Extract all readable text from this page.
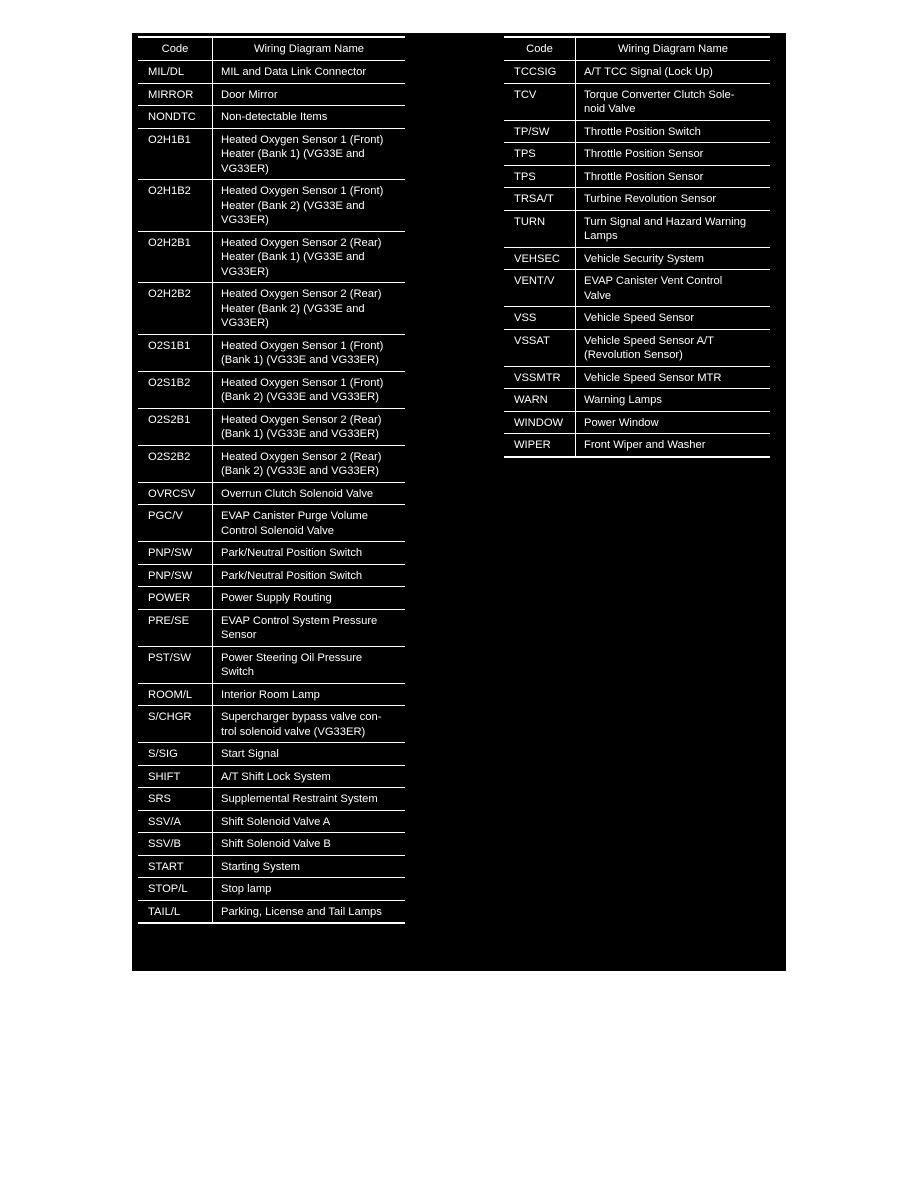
Code	Wiring Diagram Name
MIL/DL	MIL and Data Link Connector
MIRROR	Door Mirror
NONDTC	Non-detectable Items
O2H1B1	Heated Oxygen Sensor 1 (Front)
Heater (Bank 1) (VG33E and
VG33ER)
O2H1B2	Heated Oxygen Sensor 1 (Front)
Heater (Bank 2) (VG33E and
VG33ER)
O2H2B1	Heated Oxygen Sensor 2 (Rear)
Heater (Bank 1) (VG33E and
VG33ER)
O2H2B2	Heated Oxygen Sensor 2 (Rear)
Heater (Bank 2) (VG33E and
VG33ER)
O2S1B1	Heated Oxygen Sensor 1 (Front)
(Bank 1) (VG33E and VG33ER)
O2S1B2	Heated Oxygen Sensor 1 (Front)
(Bank 2) (VG33E and VG33ER)
O2S2B1	Heated Oxygen Sensor 2 (Rear)
(Bank 1) (VG33E and VG33ER)
O2S2B2	Heated Oxygen Sensor 2 (Rear)
(Bank 2) (VG33E and VG33ER)
OVRCSV	Overrun Clutch Solenoid Valve
PGC/V	EVAP Canister Purge Volume
Control Solenoid Valve
PNP/SW	Park/Neutral Position Switch
PNP/SW	Park/Neutral Position Switch
POWER	Power Supply Routing
PRE/SE	EVAP Control System Pressure
Sensor
PST/SW	Power Steering Oil Pressure
Switch
ROOM/L	Interior Room Lamp
S/CHGR	Supercharger bypass valve con-
trol solenoid valve (VG33ER)
S/SIG	Start Signal
SHIFT	A/T Shift Lock System
SRS	Supplemental Restraint System
SSV/A	Shift Solenoid Valve A
SSV/B	Shift Solenoid Valve B
START	Starting System
STOP/L	Stop lamp
TAIL/L	Parking, License and Tail Lamps
Code	Wiring Diagram Name
TCCSIG	A/T TCC Signal (Lock Up)
TCV	Torque Converter Clutch Sole-
noid Valve
TP/SW	Throttle Position Switch
TPS	Throttle Position Sensor
TPS	Throttle Position Sensor
TRSA/T	Turbine Revolution Sensor
TURN	Turn Signal and Hazard Warning
Lamps
VEHSEC	Vehicle Security System
VENT/V	EVAP Canister Vent Control
Valve
VSS	Vehicle Speed Sensor
VSSAT	Vehicle Speed Sensor A/T
(Revolution Sensor)
VSSMTR	Vehicle Speed Sensor MTR
WARN	Warning Lamps
WINDOW	Power Window
WIPER	Front Wiper and Washer
